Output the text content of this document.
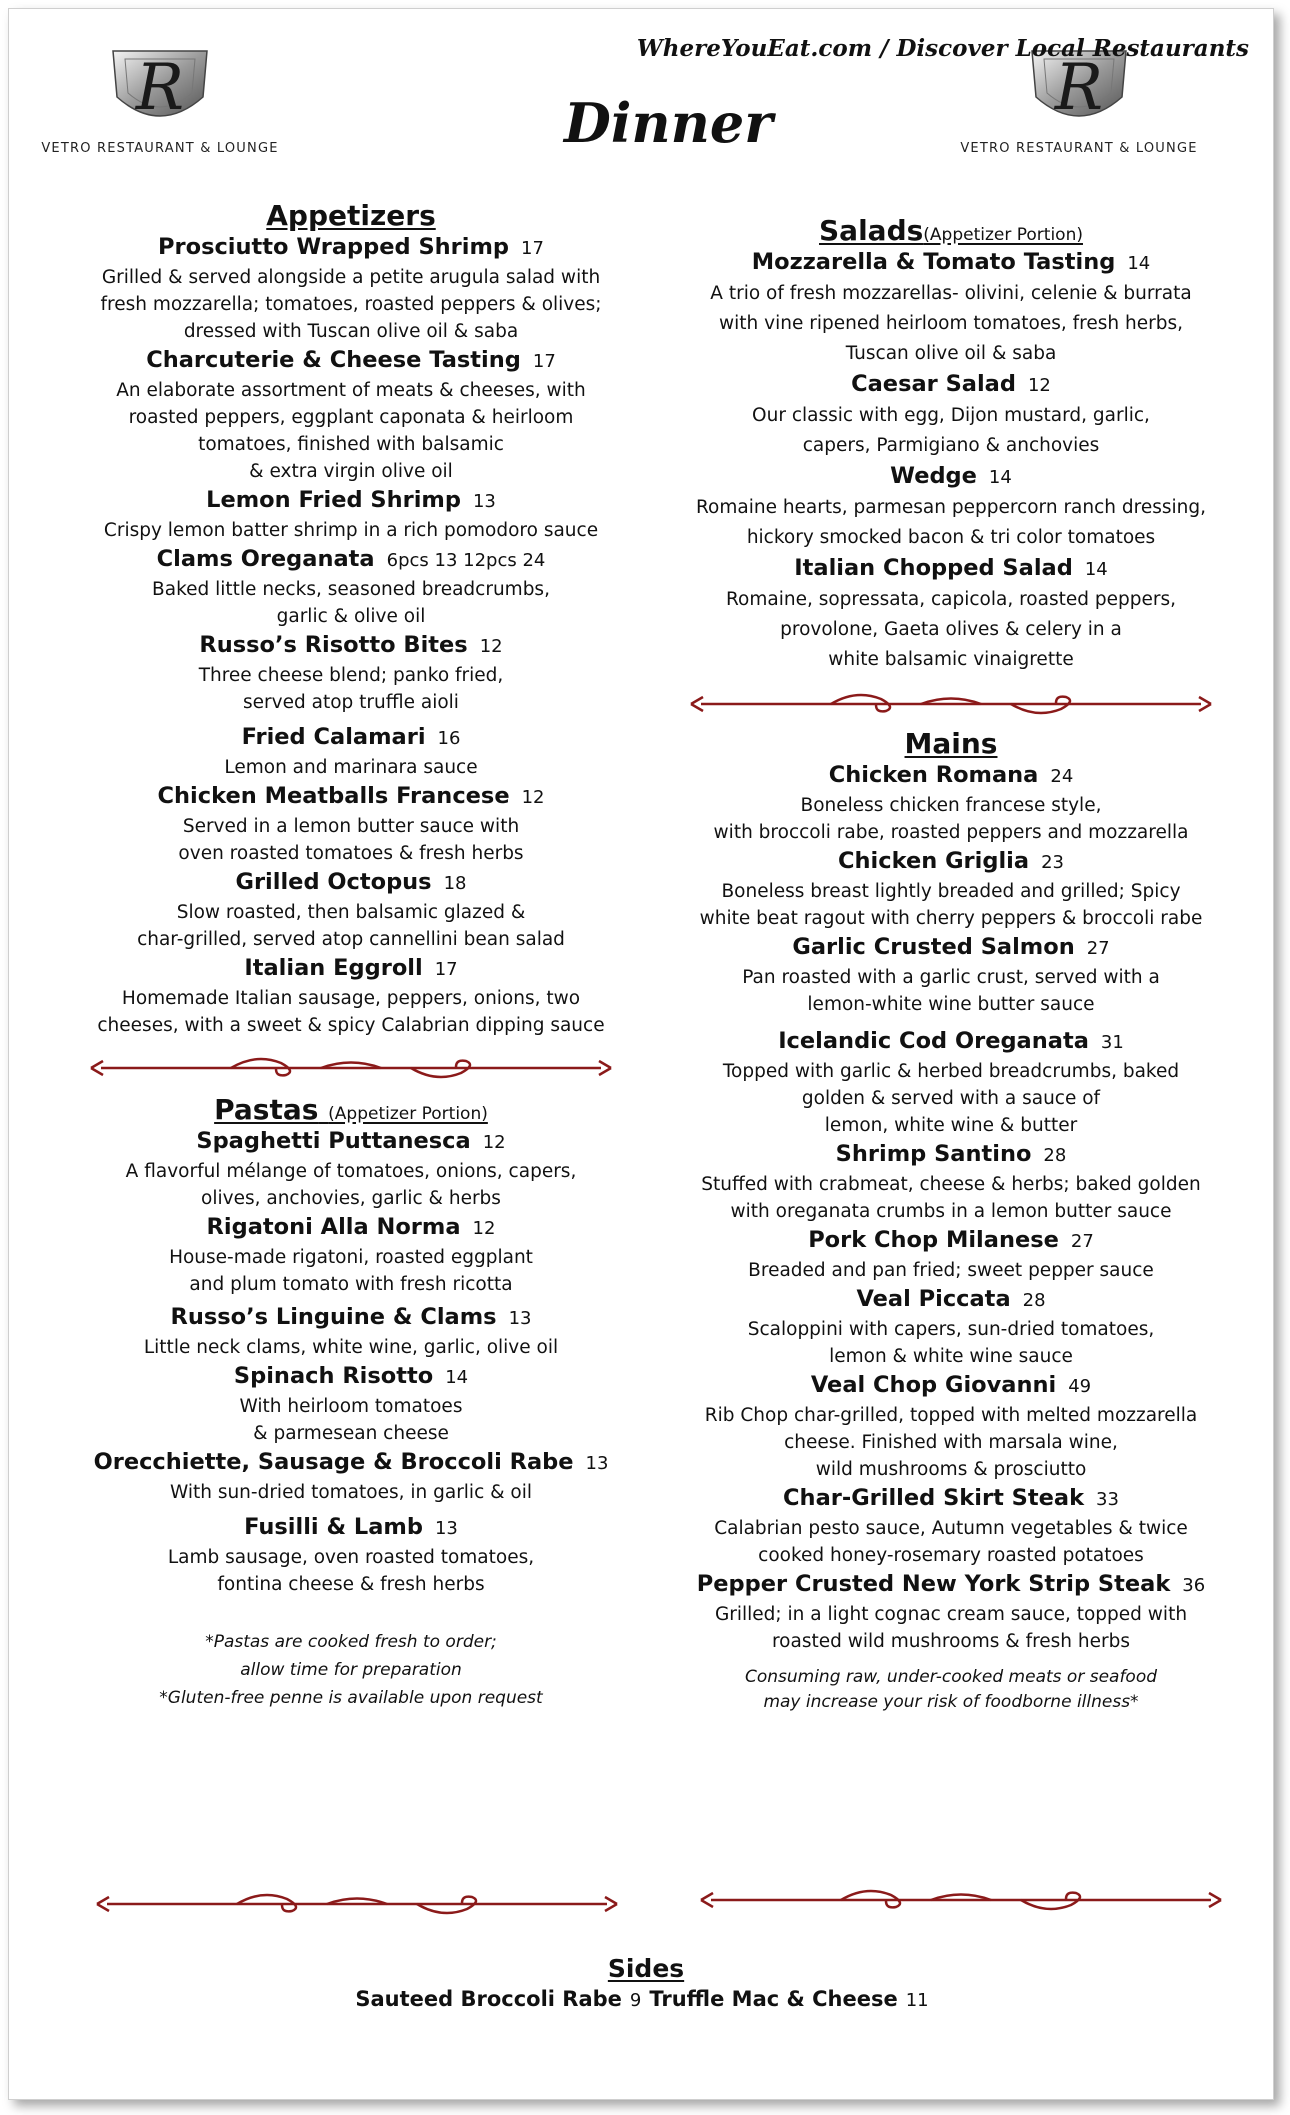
R
VETRO RESTAURANT & LOUNGE
R
VETRO RESTAURANT & LOUNGE
WhereYouEat.com / Discover Local Restaurants
Dinner
Appetizers
Prosciutto Wrapped Shrimp 17
Grilled & served alongside a petite arugula salad with
fresh mozzarella; tomatoes, roasted peppers & olives;
dressed with Tuscan olive oil & saba
Charcuterie & Cheese Tasting 17
An elaborate assortment of meats & cheeses, with
roasted peppers, eggplant caponata & heirloom
tomatoes, finished with balsamic
& extra virgin olive oil
Lemon Fried Shrimp 13
Crispy lemon batter shrimp in a rich pomodoro sauce
Clams Oreganata 6pcs 13 12pcs 24
Baked little necks, seasoned breadcrumbs,
garlic & olive oil
Russo’s Risotto Bites 12
Three cheese blend; panko fried,
served atop truffle aioli
Fried Calamari 16
Lemon and marinara sauce
Chicken Meatballs Francese 12
Served in a lemon butter sauce with
oven roasted tomatoes & fresh herbs
Grilled Octopus 18
Slow roasted, then balsamic glazed &
char-grilled, served atop cannellini bean salad
Italian Eggroll 17
Homemade Italian sausage, peppers, onions, two
cheeses, with a sweet & spicy Calabrian dipping sauce
Pastas (Appetizer Portion)
Spaghetti Puttanesca 12
A flavorful mélange of tomatoes, onions, capers,
olives, anchovies, garlic & herbs
Rigatoni Alla Norma 12
House-made rigatoni, roasted eggplant
and plum tomato with fresh ricotta
Russo’s Linguine & Clams 13
Little neck clams, white wine, garlic, olive oil
Spinach Risotto 14
With heirloom tomatoes
& parmesean cheese
Orecchiette, Sausage & Broccoli Rabe 13
With sun-dried tomatoes, in garlic & oil
Fusilli & Lamb 13
Lamb sausage, oven roasted tomatoes,
fontina cheese & fresh herbs
*Pastas are cooked fresh to order;
allow time for preparation
*Gluten-free penne is available upon request
Salads(Appetizer Portion)
Mozzarella & Tomato Tasting 14
A trio of fresh mozzarellas- olivini, celenie & burrata
with vine ripened heirloom tomatoes, fresh herbs,
Tuscan olive oil & saba
Caesar Salad 12
Our classic with egg, Dijon mustard, garlic,
capers, Parmigiano & anchovies
Wedge 14
Romaine hearts, parmesan peppercorn ranch dressing,
hickory smocked bacon & tri color tomatoes
Italian Chopped Salad 14
Romaine, sopressata, capicola, roasted peppers,
provolone, Gaeta olives & celery in a
white balsamic vinaigrette
Mains
Chicken Romana 24
Boneless chicken francese style,
with broccoli rabe, roasted peppers and mozzarella
Chicken Griglia 23
Boneless breast lightly breaded and grilled; Spicy
white beat ragout with cherry peppers & broccoli rabe
Garlic Crusted Salmon 27
Pan roasted with a garlic crust, served with a
lemon-white wine butter sauce
Icelandic Cod Oreganata 31
Topped with garlic & herbed breadcrumbs, baked
golden & served with a sauce of
lemon, white wine & butter
Shrimp Santino 28
Stuffed with crabmeat, cheese & herbs; baked golden
with oreganata crumbs in a lemon butter sauce
Pork Chop Milanese 27
Breaded and pan fried; sweet pepper sauce
Veal Piccata 28
Scaloppini with capers, sun-dried tomatoes,
lemon & white wine sauce
Veal Chop Giovanni 49
Rib Chop char-grilled, topped with melted mozzarella
cheese. Finished with marsala wine,
wild mushrooms & prosciutto
Char-Grilled Skirt Steak 33
Calabrian pesto sauce, Autumn vegetables & twice
cooked honey-rosemary roasted potatoes
Pepper Crusted New York Strip Steak 36
Grilled; in a light cognac cream sauce, topped with
roasted wild mushrooms & fresh herbs
Consuming raw, under-cooked meats or seafood
may increase your risk of foodborne illness*
Sides
Sauteed Broccoli Rabe 9 Truffle Mac & Cheese 11
